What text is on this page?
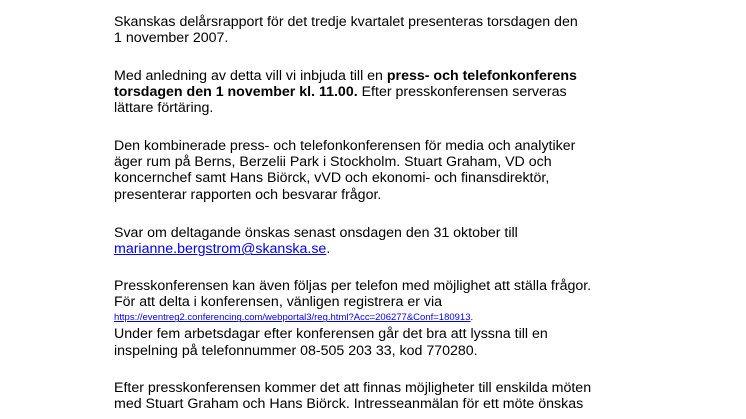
Skanskas delårsrapport för det tredje kvartalet presenteras torsdagen den
1 november 2007.

Med anledning av detta vill vi inbjuda till en press- och telefonkonferens
torsdagen den 1 november kl. 11.00. Efter presskonferensen serveras
lättare förtäring.

Den kombinerade press- och telefonkonferensen för media och analytiker
äger rum på Berns, Berzelii Park i Stockholm. Stuart Graham, VD och
koncernchef samt Hans Biörck, vVD och ekonomi- och finansdirektör,
presenterar rapporten och besvarar frågor.

Svar om deltagande önskas senast onsdagen den 31 oktober till
marianne.bergstrom@skanska.se.

Presskonferensen kan även följas per telefon med möjlighet att ställa frågor.
För att delta i konferensen, vänligen registrera er via
https://eventreg2.conferencing.com/webportal3/reg.html?Acc=206277&Conf=180913.
Under fem arbetsdagar efter konferensen går det bra att lyssna till en
inspelning på telefonnummer 08-505 203 33, kod 770280.

Efter presskonferensen kommer det att finnas möjligheter till enskilda möten
med Stuart Graham och Hans Biörck. Intresseanmälan för ett möte önskas
